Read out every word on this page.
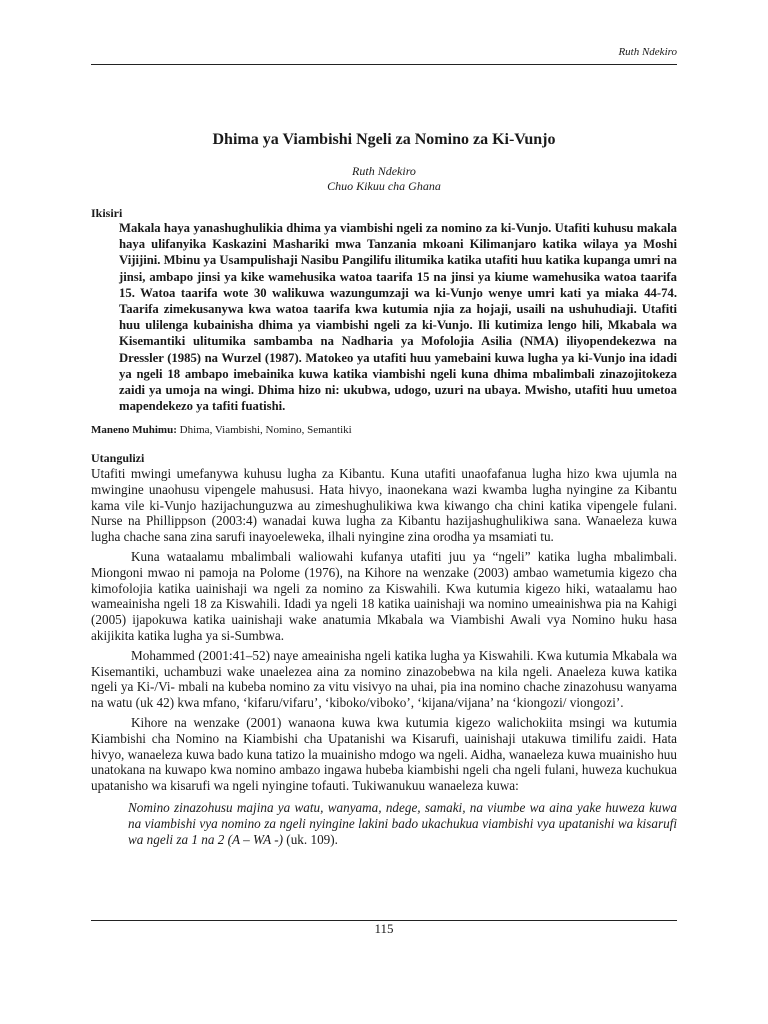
Ruth Ndekiro
Dhima ya Viambishi Ngeli za Nomino za Ki-Vunjo
Ruth Ndekiro
Chuo Kikuu cha Ghana
Ikisiri

Makala haya yanashughulikia dhima ya viambishi ngeli za nomino za ki-Vunjo. Utafiti kuhusu makala haya ulifanyika Kaskazini Mashariki mwa Tanzania mkoani Kilimanjaro katika wilaya ya Moshi Vijijini. Mbinu ya Usampulishaji Nasibu Pangilifu ilitumika katika utafiti huu katika kupanga umri na jinsi, ambapo jinsi ya kike wamehusika watoa taarifa 15 na jinsi ya kiume wamehusika watoa taarifa 15. Watoa taarifa wote 30 walikuwa wazungumzaji wa ki-Vunjo wenye umri kati ya miaka 44-74. Taarifa zimekusanywa kwa watoa taarifa kwa kutumia njia za hojaji, usaili na ushuhudiaji. Utafiti huu ulilenga kubainisha dhima ya viambishi ngeli za ki-Vunjo. Ili kutimiza lengo hili, Mkabala wa Kisemantiki ulitumika sambamba na Nadharia ya Mofolojia Asilia (NMA) iliyopendekezwa na Dressler (1985) na Wurzel (1987). Matokeo ya utafiti huu yamebaini kuwa lugha ya ki-Vunjo ina idadi ya ngeli 18 ambapo imebainika kuwa katika viambishi ngeli kuna dhima mbalimbali zinazojitokeza zaidi ya umoja na wingi. Dhima hizo ni: ukubwa, udogo, uzuri na ubaya. Mwisho, utafiti huu umetoa mapendekezo ya tafiti fuatishi.

Maneno Muhimu: Dhima, Viambishi, Nomino, Semantiki
Utangulizi

Utafiti mwingi umefanywa kuhusu lugha za Kibantu. Kuna utafiti unaofafanua lugha hizo kwa ujumla na mwingine unaohusu vipengele mahususi. Hata hivyo, inaonekana wazi kwamba lugha nyingine za Kibantu kama vile ki-Vunjo hazijachunguzwa au zimeshughulikiwa kwa kiwango cha chini katika vipengele fulani. Nurse na Phillippson (2003:4) wanadai kuwa lugha za Kibantu hazijashughulikiwa sana. Wanaeleza kuwa lugha chache sana zina sarufi inayoeleweka, ilhali nyingine zina orodha ya msamiati tu.

Kuna wataalamu mbalimbali waliowahi kufanya utafiti juu ya “ngeli” katika lugha mbalimbali. Miongoni mwao ni pamoja na Polome (1976), na Kihore na wenzake (2003) ambao wametumia kigezo cha kimofolojia katika uainishaji wa ngeli za nomino za Kiswahili. Kwa kutumia kigezo hiki, wataalamu hao wameainisha ngeli 18 za Kiswahili. Idadi ya ngeli 18 katika uainishaji wa nomino umeainishwa pia na Kahigi (2005) ijapokuwa katika uainishaji wake anatumia Mkabala wa Viambishi Awali vya Nomino huku hasa akijikita katika lugha ya si-Sumbwa.

Mohammed (2001:41–52) naye ameainisha ngeli katika lugha ya Kiswahili. Kwa kutumia Mkabala wa Kisemantiki, uchambuzi wake unaelezea aina za nomino zinazobebwa na kila ngeli. Anaeleza kuwa katika ngeli ya Ki-/Vi- mbali na kubeba nomino za vitu visivyo na uhai, pia ina nomino chache zinazohusu wanyama na watu (uk 42) kwa mfano, ‘kifaru/vifaru’, ‘kiboko/viboko’, ‘kijana/vijana’ na ‘kiongozi/ viongozi’.

Kihore na wenzake (2001) wanaona kuwa kwa kutumia kigezo walichokiita msingi wa kutumia Kiambishi cha Nomino na Kiambishi cha Upatanishi wa Kisarufi, uainishaji utakuwa timilifu zaidi. Hata hivyo, wanaeleza kuwa bado kuna tatizo la muainisho mdogo wa ngeli. Aidha, wanaeleza kuwa muainisho huu unatokana na kuwapo kwa nomino ambazo ingawa hubeba kiambishi ngeli cha ngeli fulani, huweza kuchukua upatanisho wa kisarufi wa ngeli nyingine tofauti. Tukiwanukuu wanaeleza kuwa:

Nomino zinazohusu majina ya watu, wanyama, ndege, samaki, na viumbe wa aina yake huweza kuwa na viambishi vya nomino za ngeli nyingine lakini bado ukachukua viambishi vya upatanishi wa kisarufi wa ngeli za 1 na 2 (A – WA -) (uk. 109).

115
